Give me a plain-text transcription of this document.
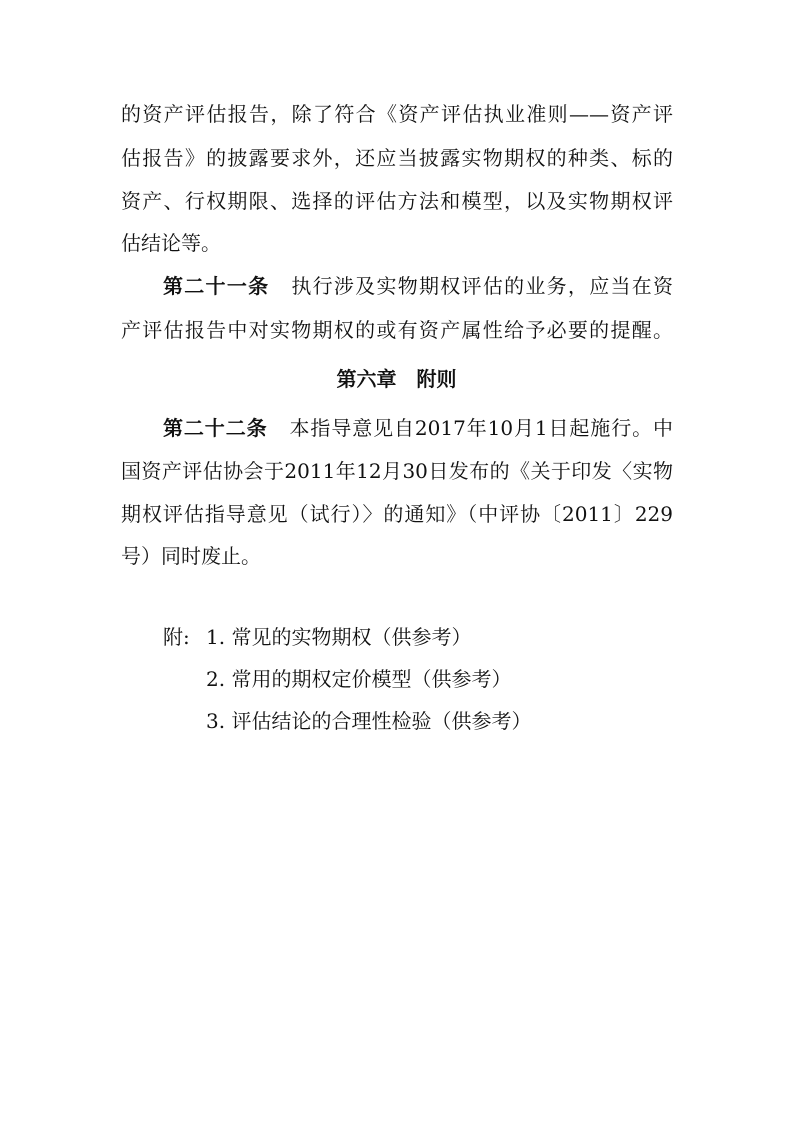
的资产评估报告，除了符合《资产评估执业准则——资产评
估报告》的披露要求外，还应当披露实物期权的种类、标的
资产、行权期限、选择的评估方法和模型，以及实物期权评
估结论等。
第二十一条 执行涉及实物期权评估的业务，应当在资
产评估报告中对实物期权的或有资产属性给予必要的提醒。
第六章 附则
第二十二条 本指导意见自2017年10月1日起施行。中
国资产评估协会于2011年12月30日发布的《关于印发〈实物
期权评估指导意见（试行）〉的通知》（中评协〔2011〕229
号）同时废止。
附: 1. 常见的实物期权（供参考）
2. 常用的期权定价模型（供参考）
3. 评估结论的合理性检验（供参考）
